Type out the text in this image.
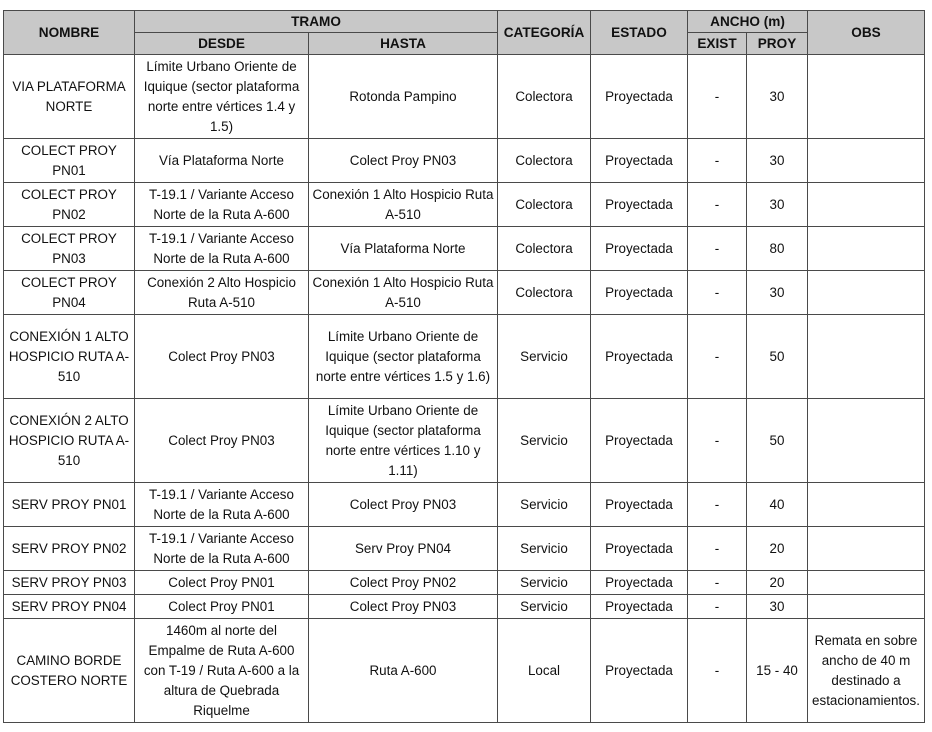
NOMBRE	TRAMO		CATEGORÍA	ESTADO	ANCHO (m)		OBS
	DESDE	HASTA			EXIST	PROY	
VIA PLATAFORMA NORTE	Límite Urbano Oriente de Iquique (sector plataforma norte entre vértices 1.4 y 1.5)	Rotonda Pampino	Colectora	Proyectada	-	30	
COLECT PROY PN01	Vía Plataforma Norte	Colect Proy PN03	Colectora	Proyectada	-	30	
COLECT PROY PN02	T-19.1 / Variante Acceso Norte de la Ruta A-600	Conexión 1 Alto Hospicio Ruta A-510	Colectora	Proyectada	-	30	
COLECT PROY PN03	T-19.1 / Variante Acceso Norte de la Ruta A-600	Vía Plataforma Norte	Colectora	Proyectada	-	80	
COLECT PROY PN04	Conexión 2 Alto Hospicio Ruta A-510	Conexión 1 Alto Hospicio Ruta A-510	Colectora	Proyectada	-	30	
CONEXIÓN 1 ALTO HOSPICIO RUTA A-510	Colect Proy PN03	Límite Urbano Oriente de Iquique (sector plataforma norte entre vértices 1.5 y 1.6)	Servicio	Proyectada	-	50	
CONEXIÓN 2 ALTO HOSPICIO RUTA A-510	Colect Proy PN03	Límite Urbano Oriente de Iquique (sector plataforma norte entre vértices 1.10 y 1.11)	Servicio	Proyectada	-	50	
SERV PROY PN01	T-19.1 / Variante Acceso Norte de la Ruta A-600	Colect Proy PN03	Servicio	Proyectada	-	40	
SERV PROY PN02	T-19.1 / Variante Acceso Norte de la Ruta A-600	Serv Proy PN04	Servicio	Proyectada	-	20	
SERV PROY PN03	Colect Proy PN01	Colect Proy PN02	Servicio	Proyectada	-	20	
SERV PROY PN04	Colect Proy PN01	Colect Proy PN03	Servicio	Proyectada	-	30	
CAMINO BORDE COSTERO NORTE	1460m al norte del Empalme de Ruta A-600 con T-19 / Ruta A-600 a la altura de Quebrada Riquelme	Ruta A-600	Local	Proyectada	-	15 - 40	Remata en sobre ancho de 40 m destinado a estacionamientos.
